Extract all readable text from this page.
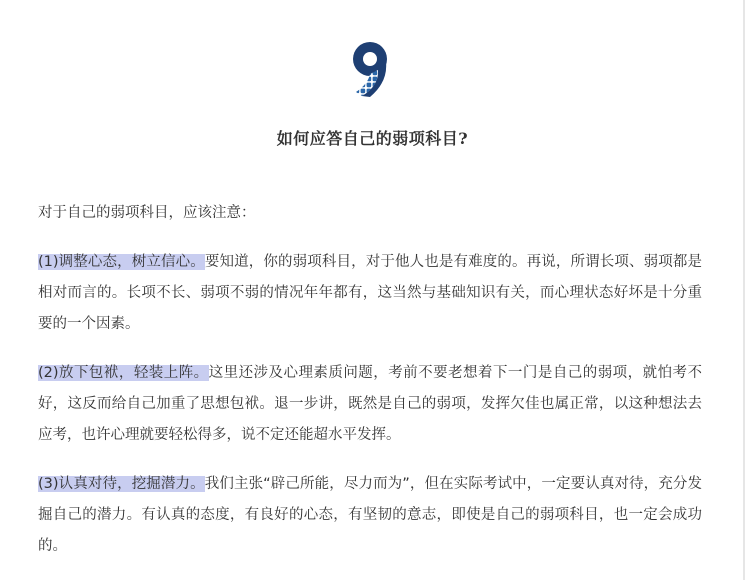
如何应答自己的弱项科目?

对于自己的弱项科目，应该注意：

(1)调整心态，树立信心。要知道，你的弱项科目，对于他人也是有难度的。再说，所谓长项、弱项都是相对而言的。长项不长、弱项不弱的情况年年都有，这当然与基础知识有关，而心理状态好坏是十分重要的一个因素。

(2)放下包袱，轻装上阵。这里还涉及心理素质问题，考前不要老想着下一门是自己的弱项，就怕考不好，这反而给自己加重了思想包袱。退一步讲，既然是自己的弱项，发挥欠佳也属正常，以这种想法去应考，也许心理就要轻松得多，说不定还能超水平发挥。

(3)认真对待，挖掘潜力。我们主张“辟己所能，尽力而为”，但在实际考试中，一定要认真对待，充分发掘自己的潜力。有认真的态度，有良好的心态，有坚韧的意志，即使是自己的弱项科目，也一定会成功的。
